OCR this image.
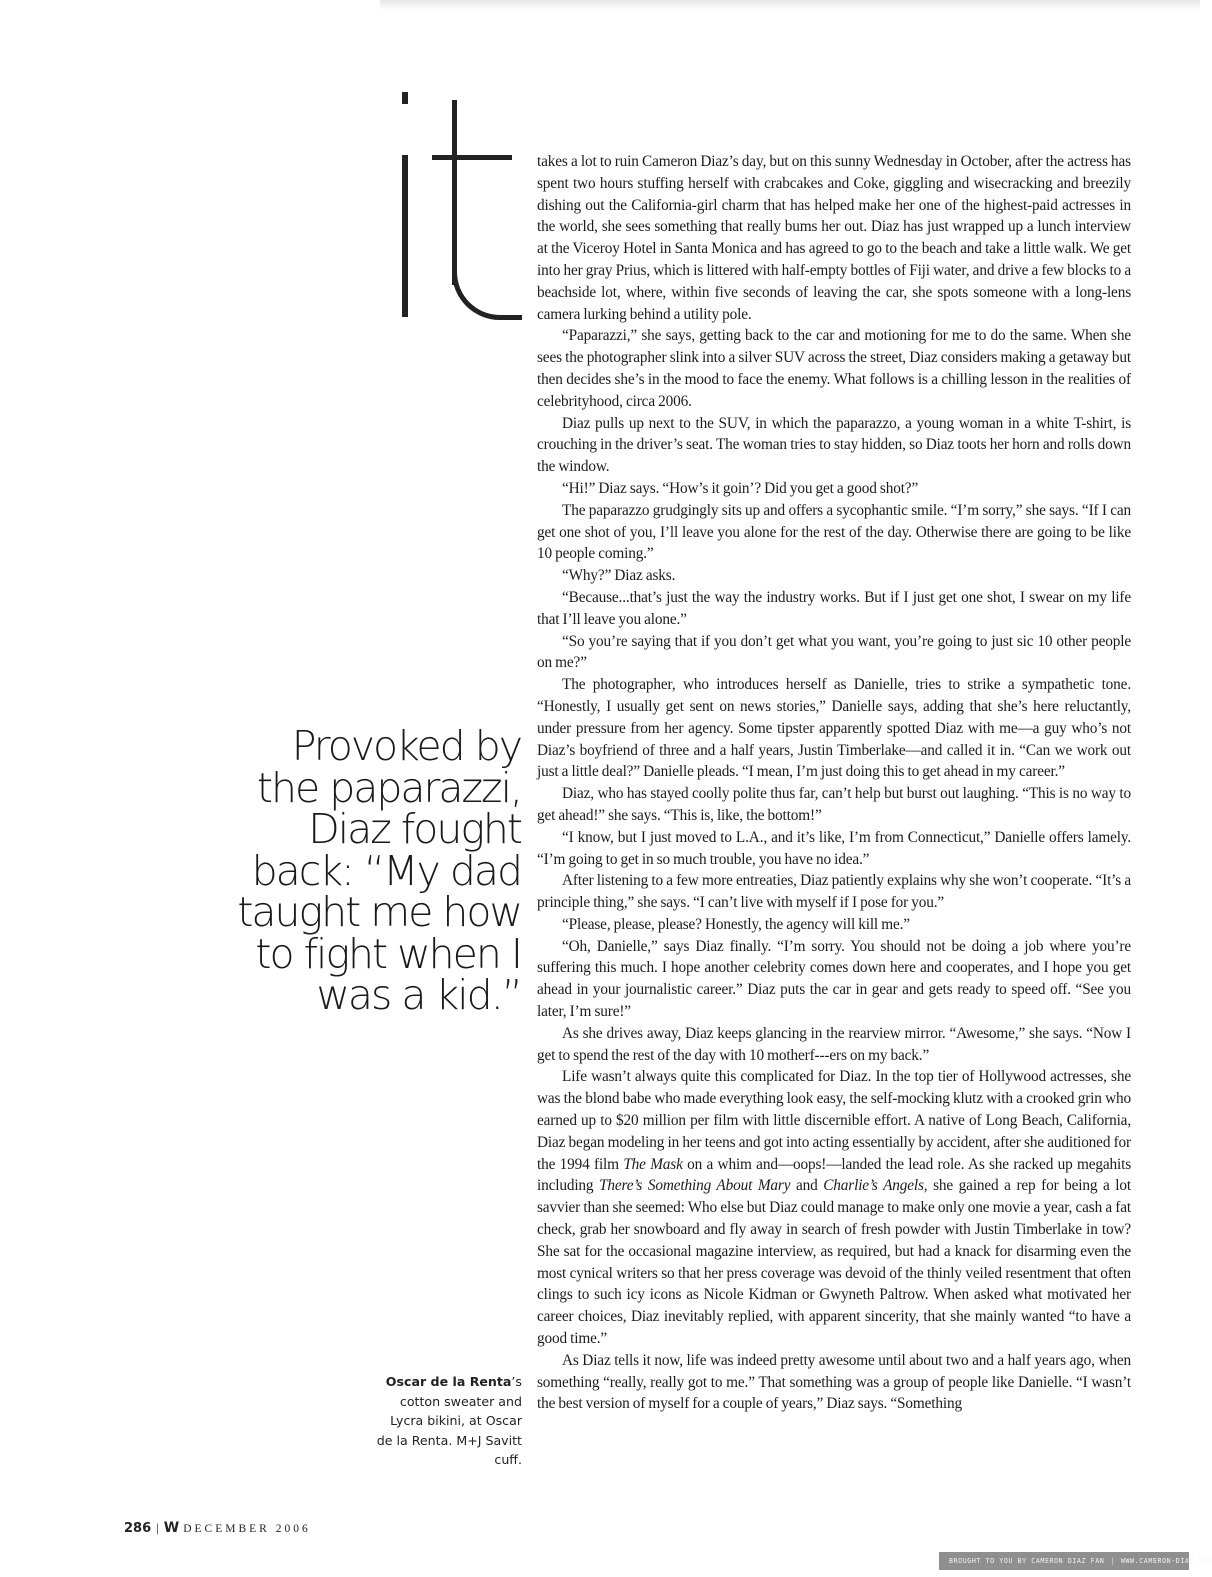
takes a lot to ruin Cameron Diaz’s day, but on this sunny Wednesday in October, after the actress has spent two hours stuffing herself with crabcakes and Coke, giggling and wisecracking and breezily dishing out the California-girl charm that has helped make her one of the highest-paid actresses in the world, she sees something that really bums her out. Diaz has just wrapped up a lunch interview at the Viceroy Hotel in Santa Monica and has agreed to go to the beach and take a little walk. We get into her gray Prius, which is littered with half-empty bottles of Fiji water, and drive a few blocks to a beachside lot, where, within five seconds of leaving the car, she spots someone with a long-lens camera lurking behind a utility pole.

“Paparazzi,” she says, getting back to the car and motioning for me to do the same. When she sees the photographer slink into a silver SUV across the street, Diaz considers making a getaway but then decides she’s in the mood to face the enemy. What follows is a chilling lesson in the realities of celebrityhood, circa 2006.

Diaz pulls up next to the SUV, in which the paparazzo, a young woman in a white T-shirt, is crouching in the driver’s seat. The woman tries to stay hidden, so Diaz toots her horn and rolls down the window.

“Hi!” Diaz says. “How’s it goin’? Did you get a good shot?”

The paparazzo grudgingly sits up and offers a sycophantic smile. “I’m sorry,” she says. “If I can get one shot of you, I’ll leave you alone for the rest of the day. Otherwise there are going to be like 10 people coming.”

“Why?” Diaz asks.

“Because...that’s just the way the industry works. But if I just get one shot, I swear on my life that I’ll leave you alone.”

“So you’re saying that if you don’t get what you want, you’re going to just sic 10 other people on me?”

The photographer, who introduces herself as Danielle, tries to strike a sympathetic tone. “Honestly, I usually get sent on news stories,” Danielle says, adding that she’s here reluctantly, under pressure from her agency. Some tipster apparently spotted Diaz with me—a guy who’s not Diaz’s boyfriend of three and a half years, Justin Timberlake—and called it in. “Can we work out just a little deal?” Danielle pleads. “I mean, I’m just doing this to get ahead in my career.”

Diaz, who has stayed coolly polite thus far, can’t help but burst out laughing. “This is no way to get ahead!” she says. “This is, like, the bottom!”

“I know, but I just moved to L.A., and it’s like, I’m from Connecticut,” Danielle offers lamely. “I’m going to get in so much trouble, you have no idea.”

After listening to a few more entreaties, Diaz patiently explains why she won’t cooperate. “It’s a principle thing,” she says. “I can’t live with myself if I pose for you.”

“Please, please, please? Honestly, the agency will kill me.”

“Oh, Danielle,” says Diaz finally. “I’m sorry. You should not be doing a job where you’re suffering this much. I hope another celebrity comes down here and cooperates, and I hope you get ahead in your journalistic career.” Diaz puts the car in gear and gets ready to speed off. “See you later, I’m sure!”

As she drives away, Diaz keeps glancing in the rearview mirror. “Awesome,” she says. “Now I get to spend the rest of the day with 10 motherf---ers on my back.”

Life wasn’t always quite this complicated for Diaz. In the top tier of Hollywood actresses, she was the blond babe who made everything look easy, the self-mocking klutz with a crooked grin who earned up to $20 million per film with little discernible effort. A native of Long Beach, California, Diaz began modeling in her teens and got into acting essentially by accident, after she auditioned for the 1994 film The Mask on a whim and—oops!—landed the lead role. As she racked up megahits including There’s Something About Mary and Charlie’s Angels, she gained a rep for being a lot savvier than she seemed: Who else but Diaz could manage to make only one movie a year, cash a fat check, grab her snowboard and fly away in search of fresh powder with Justin Timberlake in tow? She sat for the occasional magazine interview, as required, but had a knack for disarming even the most cynical writers so that her press coverage was devoid of the thinly veiled resentment that often clings to such icy icons as Nicole Kidman or Gwyneth Paltrow. When asked what motivated her career choices, Diaz inevitably replied, with apparent sincerity, that she mainly wanted “to have a good time.”

As Diaz tells it now, life was indeed pretty awesome until about two and a half years ago, when something “really, really got to me.” That something was a group of people like Danielle. “I wasn’t the best version of myself for a couple of years,” Diaz says. “Something

Provoked by the paparazzi, Diaz fought back: “My dad taught me how to fight when I was a kid.”
Oscar de la Renta’s cotton sweater and Lycra bikini, at Oscar de la Renta. M+J Savitt cuff.
286 | W DECEMBER 2006
BROUGHT TO YOU BY CAMERON DIAZ FAN | WWW.CAMERON-DIAZ.ORG
